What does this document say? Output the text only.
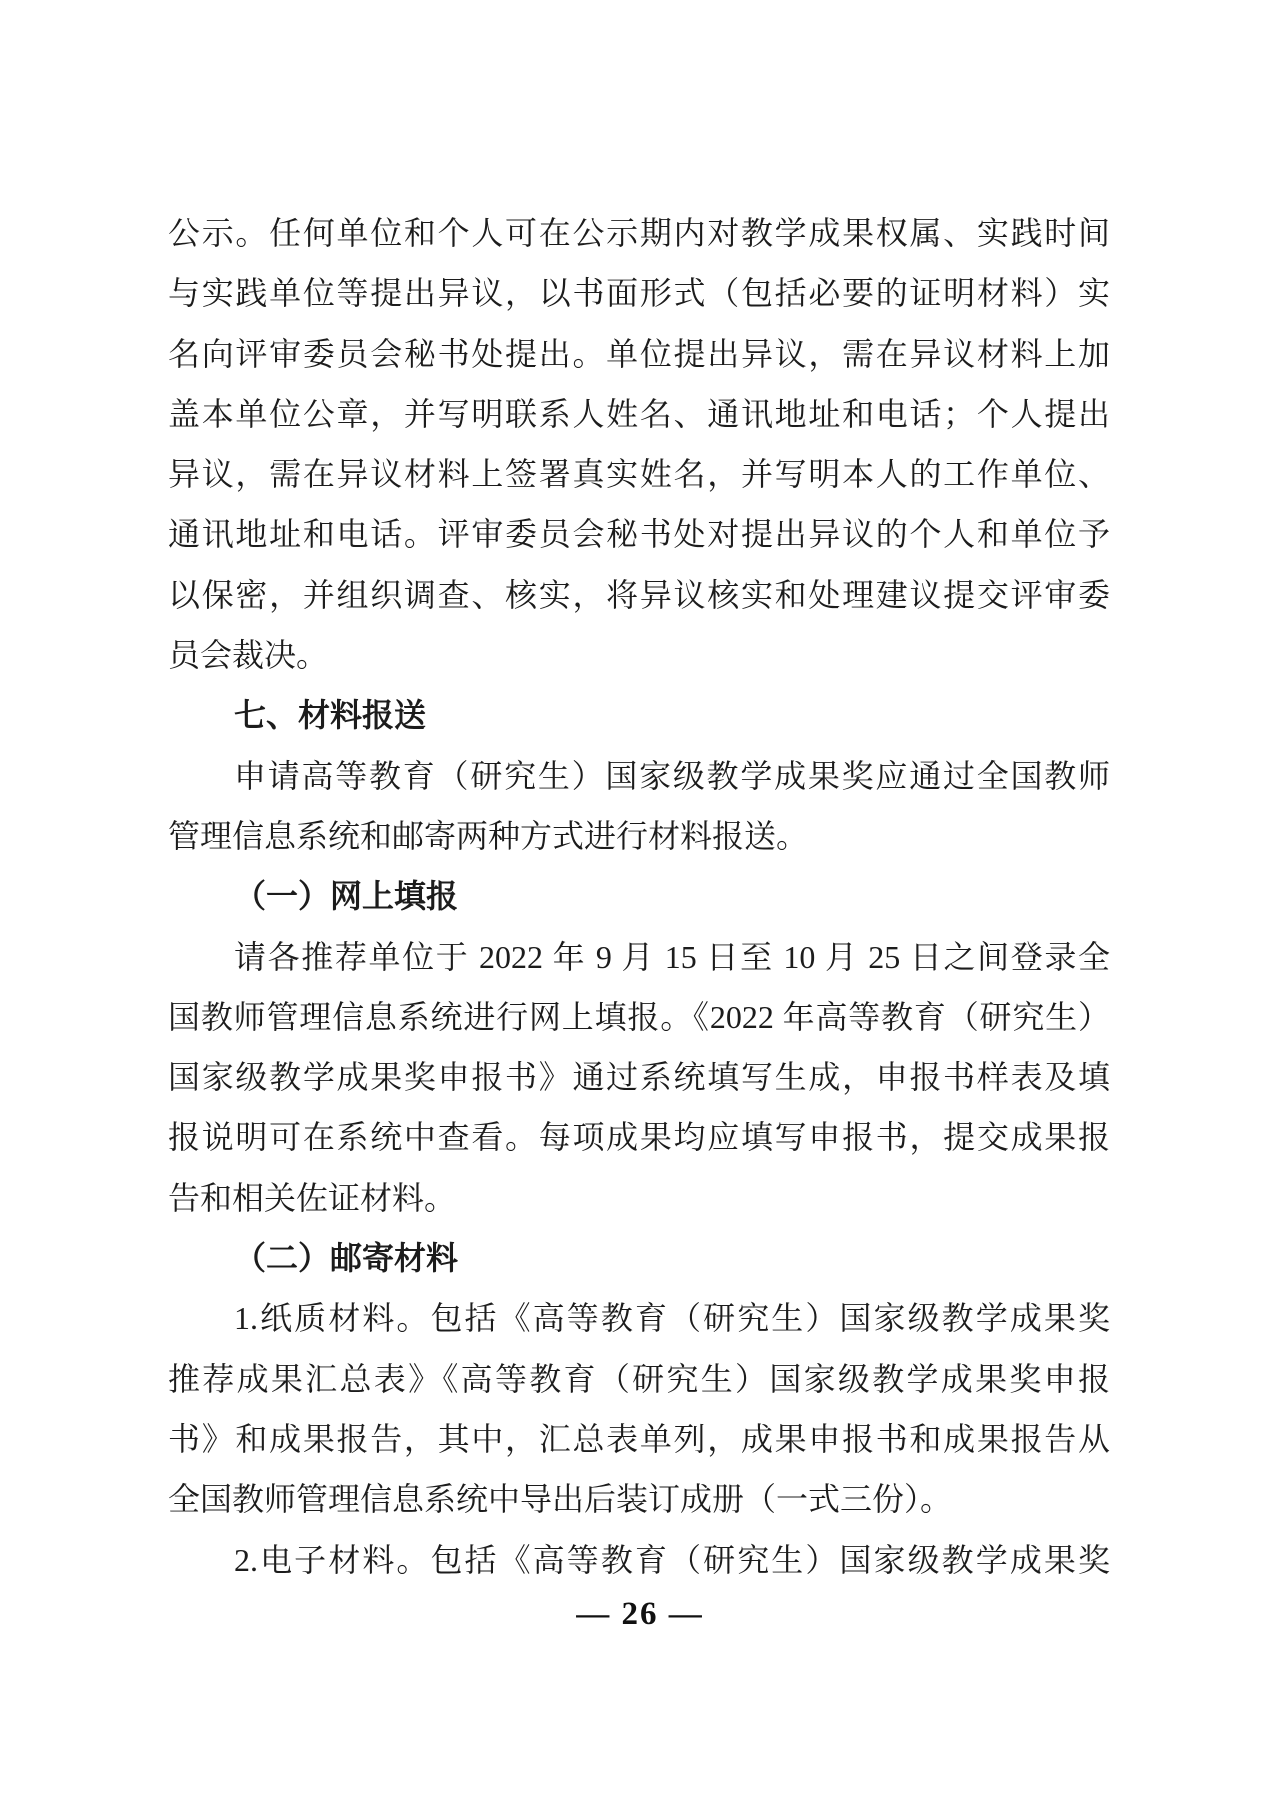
公示。任何单位和个人可在公示期内对教学成果权属、实践时间
与实践单位等提出异议，以书面形式（包括必要的证明材料）实
名向评审委员会秘书处提出。单位提出异议，需在异议材料上加
盖本单位公章，并写明联系人姓名、通讯地址和电话；个人提出
异议，需在异议材料上签署真实姓名，并写明本人的工作单位、
通讯地址和电话。评审委员会秘书处对提出异议的个人和单位予
以保密，并组织调查、核实，将异议核实和处理建议提交评审委
员会裁决。
七、材料报送
申请高等教育（研究生）国家级教学成果奖应通过全国教师
管理信息系统和邮寄两种方式进行材料报送。
（一）网上填报
请各推荐单位于 2022 年 9 月 15 日至 10 月 25 日之间登录全
国教师管理信息系统进行网上填报。《2022 年高等教育（研究生）
国家级教学成果奖申报书》通过系统填写生成，申报书样表及填
报说明可在系统中查看。每项成果均应填写申报书，提交成果报
告和相关佐证材料。
（二）邮寄材料
1.纸质材料。包括《高等教育（研究生）国家级教学成果奖
推荐成果汇总表》《高等教育（研究生）国家级教学成果奖申报
书》和成果报告，其中，汇总表单列，成果申报书和成果报告从
全国教师管理信息系统中导出后装订成册（一式三份）。
2.电子材料。包括《高等教育（研究生）国家级教学成果奖
— 26 —
